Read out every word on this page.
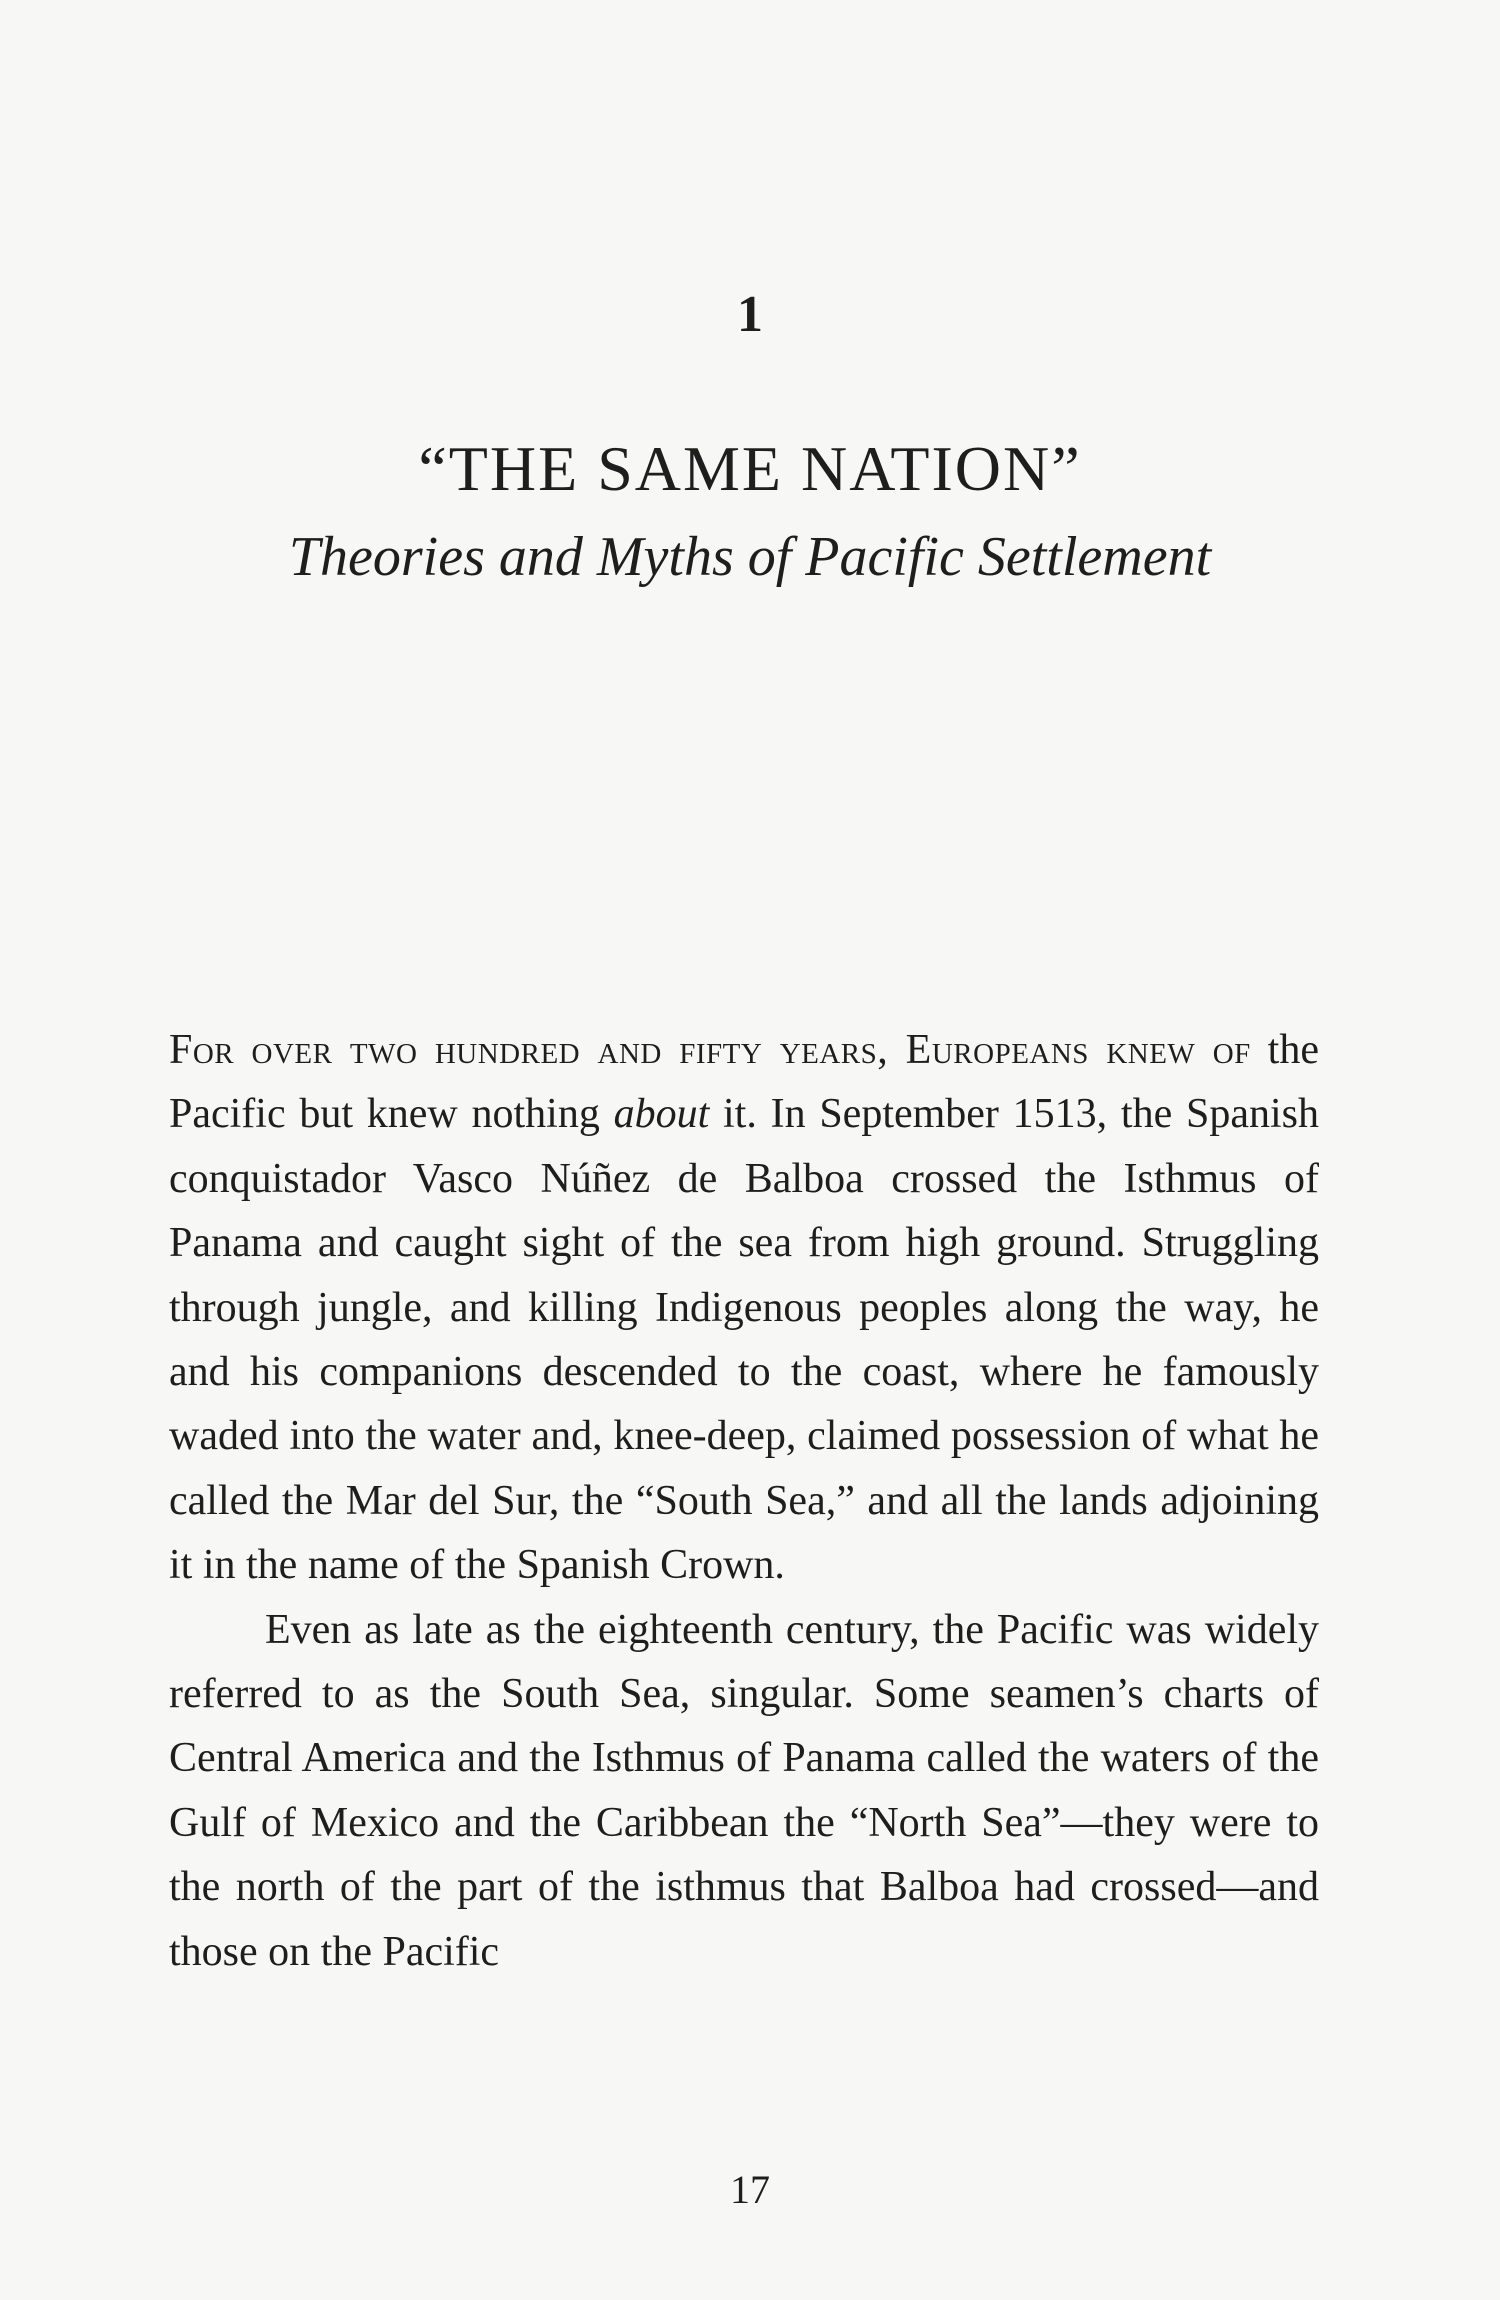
1
“THE SAME NATION”
Theories and Myths of Pacific Settlement

For over two hundred and fifty years, Europeans knew of the Pacific but knew nothing about it. In September 1513, the Spanish conquistador Vasco Núñez de Balboa crossed the Isthmus of Panama and caught sight of the sea from high ground. Struggling through jungle, and killing Indigenous peoples along the way, he and his companions descended to the coast, where he famously waded into the water and, knee-deep, claimed possession of what he called the Mar del Sur, the “South Sea,” and all the lands adjoining it in the name of the Spanish Crown.

Even as late as the eighteenth century, the Pacific was widely referred to as the South Sea, singular. Some seamen’s charts of Central America and the Isthmus of Panama called the waters of the Gulf of Mexico and the Caribbean the “North Sea”—they were to the north of the part of the isthmus that Balboa had crossed—and those on the Pacific

17
